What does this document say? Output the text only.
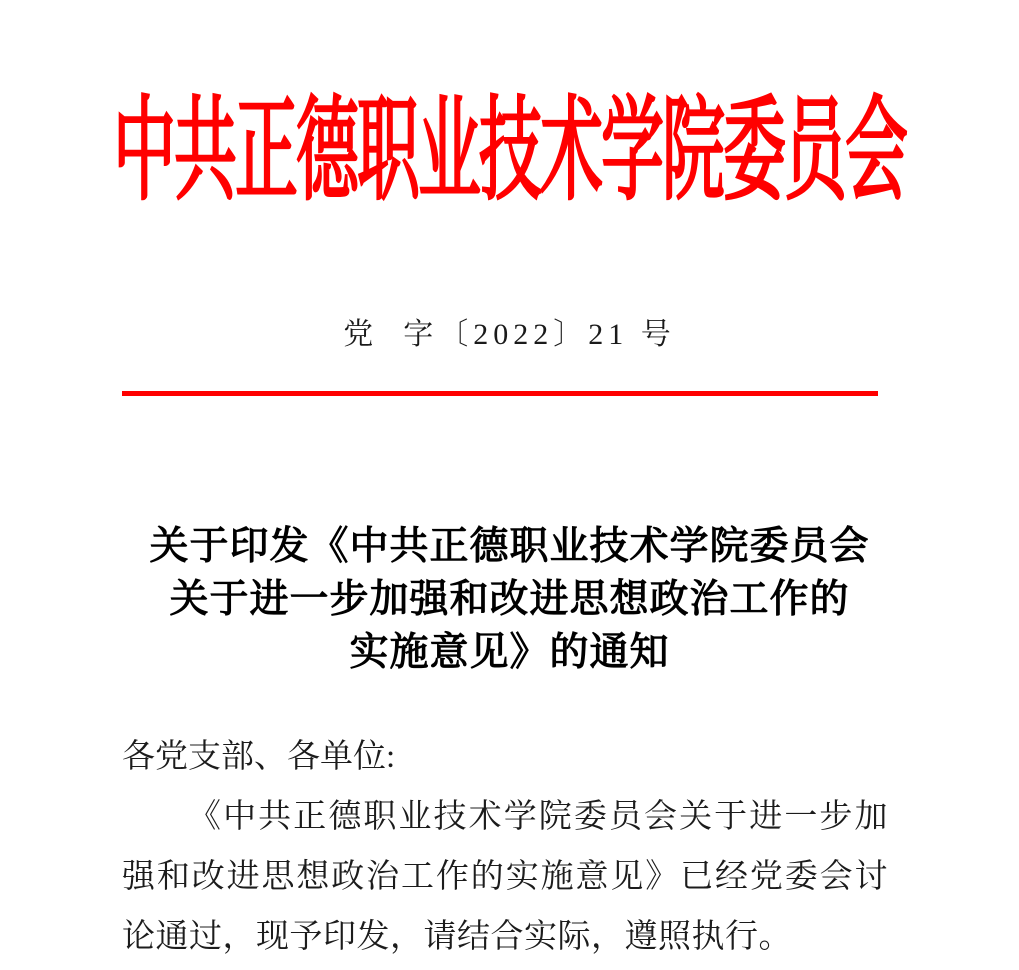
中共正德职业技术学院委员会
党  字〔2022〕21 号
关于印发《中共正德职业技术学院委员会
关于进一步加强和改进思想政治工作的
实施意见》的通知
各党支部、各单位:
《中共正德职业技术学院委员会关于进一步加强和改进思想政治工作的实施意见》已经党委会讨论通过，现予印发，请结合实际，遵照执行。
